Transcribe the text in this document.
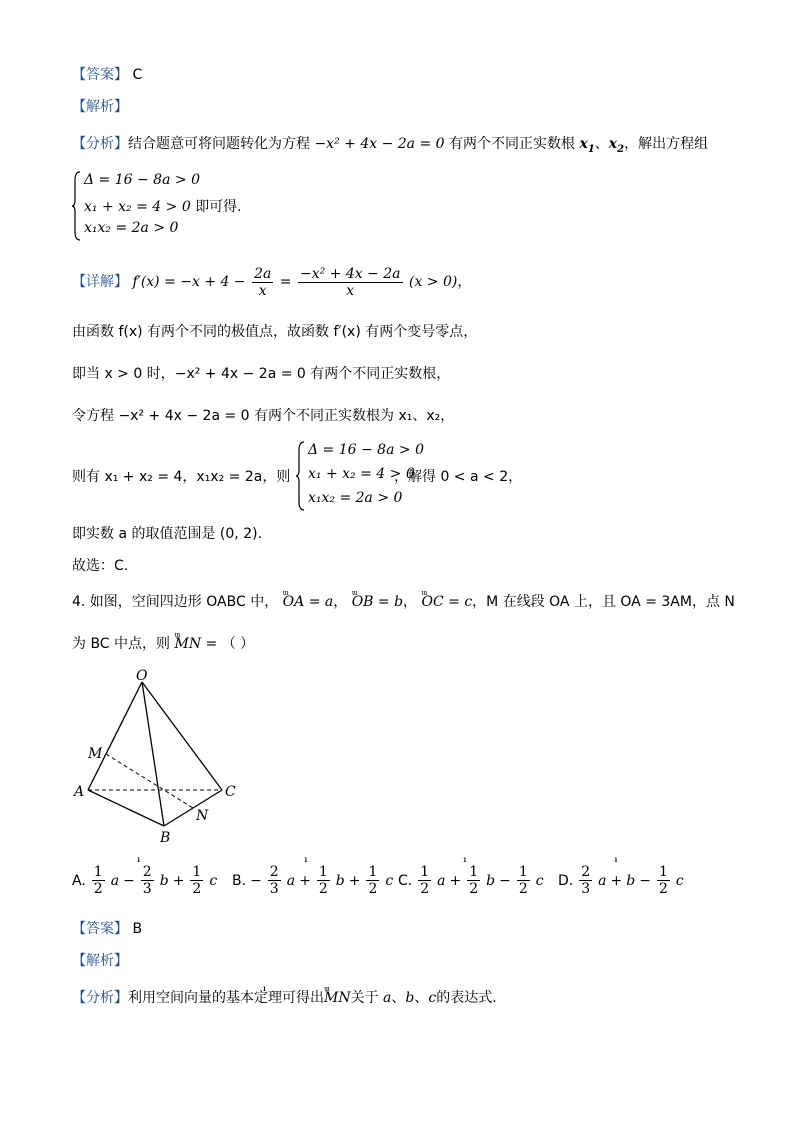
【答案】 C
【解析】
【分析】结合题意可将问题转化为方程 −x² + 4x − 2a = 0 有两个不同正实数根 $x_1$、$x_2$，解出方程组
Δ = 16 − 8a > 0
x₁ + x₂ = 4 > 0 即可得.
x₁x₂ = 2a > 0
【详解】 $f'(x) = -x + 4 - \frac{2a}{x} = \frac{\text{−x² + 4x − 2a}}{x} (x > 0)$，
由函数 f(x) 有两个不同的极值点，故函数 f′(x) 有两个变号零点，
即当 x > 0 时，−x² + 4x − 2a = 0 有两个不同正实数根，
令方程 −x² + 4x − 2a = 0 有两个不同正实数根为 x₁、x₂，
则有 x₁ + x₂ = 4，x₁x₂ = 2a，则
Δ = 16 − 8a > 0
x₁ + x₂ = 4 > 0
x₁x₂ = 2a > 0
，解得 0 < a < 2，
即实数 a 的取值范围是 (0, 2).
故选：C.
4. 如图，空间四边形 OABC 中， ιιι OA = a， ιιι OB = b， ιιι OC = c，M 在线段 OA 上，且 OA = 3AM，点 N
为 BC 中点，则 ιιι MN = （ ）
O
M
A	C
N
B
A. $\frac{1}{2}$ ı $a - \frac{2}{3}$ ı $b + \frac{1}{2}$ ı c B. − $\frac{2}{3}$ ı $a + \frac{1}{2}$ ı $b + \frac{1}{2}$ ı c C. $\frac{1}{2}$ ı $a + \frac{1}{2}$ ı $b - \frac{1}{2}$ ı c D. $\frac{2}{3}$ ı a + ı $b - \frac{1}{2}$ ı c
【答案】 B
【解析】
【分析】利用空间向量的基本定理可得出ιιι MN关于 ı a、ı b、ı c的表达式.
